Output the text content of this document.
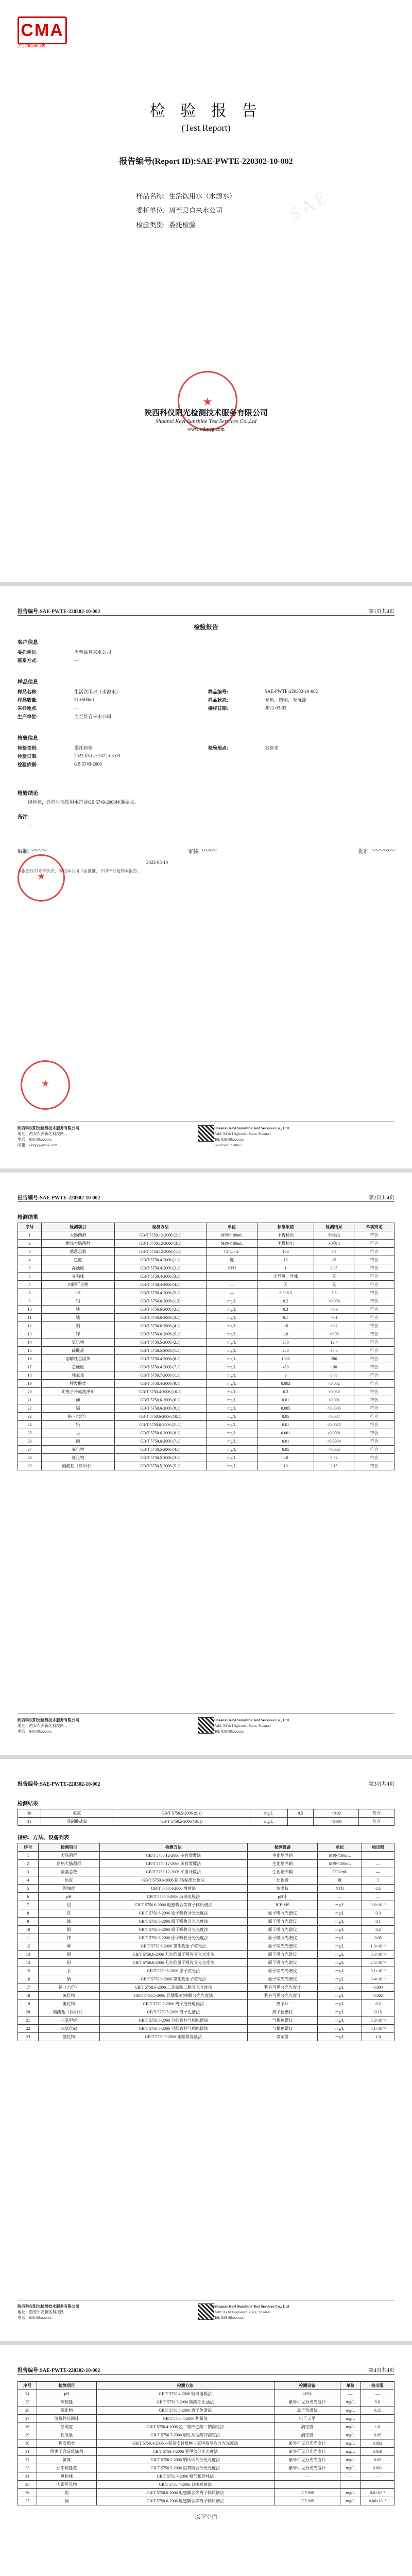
CMA
212700340039
检 验 报 告
(Test Report)
报告编号(Report ID):SAE-PWTE-220302-10-002
样品名称: 生活饮用水（水源水）
委托单位: 周至县自来水公司
检验类别: 委托检验
SAE
★
陕西科仪阳光检测技术服务有限公司
Shaanxi Keyi Sunshine Test Services Co.,Ltd
www.sxkyyg.com
报告编号:SAE-PWTE-220302-10-002	第1页共4页
检验报告
客户信息
委托单位:	周至县自来水公司
联系方式:	—
样品信息
样品名称:	生活饮用水（水源水）	样品编号:	SAE-PWTE-220302-10-002
样品数量:	5L+500mL	样品状态:	无色、透明、无沉淀
采样地点:	—	接样日期:	2022-03-02
生产单位:	周至县自来水公司
检验信息
检验类别:	委托检验	检验地点:	实验室
检验日期:	2022-03-02~2022-03-09
检验依据:	GB 5749-2006
检验结论
经检验，送样生活饮用水符合GB 5749-2006标准要求。
备注
—
编制: 〰〰	审核: 〰〰	批准: 〰〰〰
2022-03-10
本报告仅对来样负责，未经本公司书面批准，不得部分复制本报告。
★
★
陕西科仪阳光检测技术服务有限公司
地址：西安市高新区科技路...
电话：029-88xxxxxx
邮箱：sxkyyg@xxx.com
Shaanxi Keyi Sunshine Test Services Co., Ltd
Add: Xi'an High-tech Zone, Shaanxi
Tel: 029-88xxxxxx
Postcode: 710065
报告编号:SAE-PWTE-220302-10-002	第2页共4页
检测结果
序号	检测项目	检测方法	单位	标准限值	检测结果	单项判定
1	大肠菌群	GB/T 5750.12-2006 (2.1)	MPN/100mL	不得检出	未检出	符合
2	耐热大肠菌群	GB/T 5750.12-2006 (3.1)	MPN/100mL	不得检出	未检出	符合
3	菌落总数	GB/T 5750.12-2006 (1.1)	CFU/mL	100	<1	符合
4	色度	GB/T 5750.4-2006 (1.1)	度	15	<5	符合
5	浑浊度	GB/T 5750.4-2006 (2.1)	NTU	1	0.35	符合
6	臭和味	GB/T 5750.4-2006 (3.1)	—	无异臭、异味	无	符合
7	肉眼可见物	GB/T 5750.4-2006 (4.1)	—	无	无	符合
8	pH	GB/T 5750.4-2006 (5.1)	—	6.5~8.5	7.6	符合
9	铝	GB/T 5750.6-2006 (1.3)	mg/L	0.2	<0.008	符合
10	铁	GB/T 5750.6-2006 (2.1)	mg/L	0.3	<0.3	符合
11	锰	GB/T 5750.6-2006 (3.1)	mg/L	0.1	<0.1	符合
12	铜	GB/T 5750.6-2006 (4.1)	mg/L	1.0	<0.2	符合
13	锌	GB/T 5750.6-2006 (5.1)	mg/L	1.0	<0.05	符合
14	氯化物	GB/T 5750.5-2006 (2.1)	mg/L	250	12.4	符合
15	硫酸盐	GB/T 5750.5-2006 (1.1)	mg/L	250	35.6	符合
16	溶解性总固体	GB/T 5750.4-2006 (8.1)	mg/L	1000	286	符合
17	总硬度	GB/T 5750.4-2006 (7.1)	mg/L	450	198	符合
18	耗氧量	GB/T 5750.7-2006 (1.1)	mg/L	3	0.86	符合
19	挥发酚类	GB/T 5750.4-2006 (9.1)	mg/L	0.002	<0.002	符合
20	阴离子合成洗涤剂	GB/T 5750.4-2006 (10.1)	mg/L	0.3	<0.050	符合
21	砷	GB/T 5750.6-2006 (6.1)	mg/L	0.01	<0.001	符合
22	镉	GB/T 5750.6-2006 (9.1)	mg/L	0.005	<0.0005	符合
23	铬（六价）	GB/T 5750.6-2006 (10.1)	mg/L	0.05	<0.004	符合
24	铅	GB/T 5750.6-2006 (11.1)	mg/L	0.01	<0.0025	符合
25	汞	GB/T 5750.6-2006 (8.1)	mg/L	0.001	<0.0001	符合
26	硒	GB/T 5750.6-2006 (7.1)	mg/L	0.01	<0.0004	符合
27	氰化物	GB/T 5750.5-2006 (4.1)	mg/L	0.05	<0.002	符合
28	氟化物	GB/T 5750.5-2006 (3.1)	mg/L	1.0	0.32	符合
29	硝酸盐（以N计）	GB/T 5750.5-2006 (5.1)	mg/L	10	2.15	符合
陕西科仪阳光检测技术服务有限公司
地址：西安市高新区科技路...
电话：029-88xxxxxx
Shaanxi Keyi Sunshine Test Services Co., Ltd
Add: Xi'an High-tech Zone, Shaanxi
Tel: 029-88xxxxxx
报告编号:SAE-PWTE-220302-10-002	第3页共4页
检测结果
30	氨氮	GB/T 5750.5-2006 (9.1)	mg/L	0.5	<0.02	符合
31	亚硝酸盐氮	GB/T 5750.5-2006 (10.1)	mg/L	—	<0.001	符合
指标、方法、设备列表
序号	检测项目	检测方法	检测设备	单位	检出限
1	大肠菌群	GB/T 5750.12-2006 多管发酵法	生化培养箱	MPN/100mL	—
2	耐热大肠菌群	GB/T 5750.12-2006 多管发酵法	生化培养箱	MPN/100mL	—
3	菌落总数	GB/T 5750.12-2006 平皿计数法	生化培养箱	CFU/mL	—
4	色度	GB/T 5750.4-2006 铂-钴标准比色法	比色管	度	5
5	浑浊度	GB/T 5750.4-2006 散射法	浊度仪	NTU	0.5
6	pH	GB/T 5750.4-2006 玻璃电极法	pH计	—	—
7	铝	GB/T 5750.6-2006 电感耦合等离子体质谱法	ICP-MS	mg/L	0.6×10⁻³
8	铁	GB/T 5750.6-2006 原子吸收分光光度法	原子吸收光谱仪	mg/L	0.3
9	锰	GB/T 5750.6-2006 原子吸收分光光度法	原子吸收光谱仪	mg/L	0.1
10	铜	GB/T 5750.6-2006 原子吸收分光光度法	原子吸收光谱仪	mg/L	0.2
11	锌	GB/T 5750.6-2006 原子吸收分光光度法	原子吸收光谱仪	mg/L	0.05
12	砷	GB/T 5750.6-2006 氢化物原子荧光法	原子荧光光谱仪	mg/L	1.0×10⁻³
13	镉	GB/T 5750.6-2006 无火焰原子吸收分光光度法	原子吸收光谱仪	mg/L	0.5×10⁻³
14	铅	GB/T 5750.6-2006 无火焰原子吸收分光光度法	原子吸收光谱仪	mg/L	2.5×10⁻³
15	汞	GB/T 5750.6-2006 原子荧光法	原子荧光光谱仪	mg/L	0.1×10⁻³
16	硒	GB/T 5750.6-2006 氢化物原子荧光法	原子荧光光谱仪	mg/L	0.4×10⁻³
17	铬（六价）	GB/T 5750.6-2006 二苯碳酰二肼分光光度法	紫外可见分光光度计	mg/L	0.004
18	氰化物	GB/T 5750.5-2006 异烟酸-吡唑酮分光光度法	紫外可见分光光度计	mg/L	0.002
19	氟化物	GB/T 5750.5-2006 离子选择电极法	离子计	mg/L	0.2
20	硝酸盐（以N计）	GB/T 5750.5-2006 离子色谱法	离子色谱仪	mg/L	0.15
21	三氯甲烷	GB/T 5750.8-2006 毛细管柱气相色谱法	气相色谱仪	mg/L	0.2×10⁻³
22	四氯化碳	GB/T 5750.8-2006 毛细管柱气相色谱法	气相色谱仪	mg/L	0.1×10⁻³
23	氯化物	GB/T 5750.5-2006 硝酸银容量法	滴定管	mg/L	1.0
陕西科仪阳光检测技术服务有限公司
地址：西安市高新区科技路...
电话：029-88xxxxxx
Shaanxi Keyi Sunshine Test Services Co., Ltd
Add: Xi'an High-tech Zone, Shaanxi
Tel: 029-88xxxxxx
报告编号:SAE-PWTE-220302-10-002	第4页共4页
序号	检测项目	检测方法	检测设备	单位	检出限
24	pH	GB/T 5750.4-2006 玻璃电极法	pH计	—	—
25	硫酸盐	GB/T 5750.5-2006 硫酸钡比浊法	紫外可见分光光度计	mg/L	5.0
26	氯化物	GB/T 5750.5-2006 离子色谱法	离子色谱仪	mg/L	0.15
27	溶解性总固体	GB/T 5750.4-2006 称量法	电子天平	mg/L	—
28	总硬度	GB/T 5750.4-2006 乙二胺四乙酸二钠滴定法	滴定管	mg/L	1.0
29	耗氧量	GB/T 5750.7-2006 酸性高锰酸钾滴定法	滴定管	mg/L	0.05
30	挥发酚类	GB/T 5750.4-2006 4-氨基安替吡啉三氯甲烷萃取分光光度法	紫外可见分光光度计	mg/L	0.002
31	阴离子合成洗涤剂	GB/T 5750.4-2006 亚甲蓝分光光度法	紫外可见分光光度计	mg/L	0.050
32	氨氮	GB/T 5750.5-2006 纳氏试剂分光光度法	紫外可见分光光度计	mg/L	0.02
33	亚硝酸盐氮	GB/T 5750.5-2006 重氮偶合分光光度法	紫外可见分光光度计	mg/L	0.001
34	臭和味	GB/T 5750.4-2006 嗅气和尝味法	—	—	—
35	肉眼可见物	GB/T 5750.4-2006 直接观察法	—	—	—
36	铝	GB/T 5750.6-2006 电感耦合等离子体质谱法	ICP-MS	mg/L	0.6×10⁻³
37	镉	GB/T 5750.6-2006 电感耦合等离子体质谱法	ICP-MS	mg/L	0.06×10⁻³
以下空白
